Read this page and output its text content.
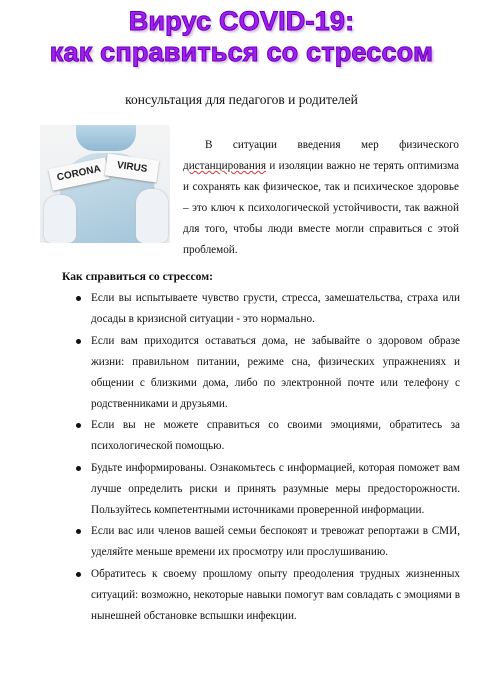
Вирус COVID-19:
как справиться со стрессом
консультация для педагогов и родителей
CORONA	VIRUS
В ситуации введения мер физического дистанцирования и изоляции важно не терять оптимизма и сохранять как физическое, так и психическое здоровье – это ключ к психологической устойчивости, так важной для того, чтобы люди вместе могли справиться с этой проблемой.
Как справиться со стрессом:
Если вы испытываете чувство грусти, стресса, замешательства, страха или досады в кризисной ситуации - это нормально.
Если вам приходится оставаться дома, не забывайте о здоровом образе жизни: правильном питании, режиме сна, физических упражнениях и общении с близкими дома, либо по электронной почте или телефону с родственниками и друзьями.
Если вы не можете справиться со своими эмоциями, обратитесь за психологической помощью.
Будьте информированы. Ознакомьтесь с информацией, которая поможет вам лучше определить риски и принять разумные меры предосторожности. Пользуйтесь компетентными источниками проверенной информации.
Если вас или членов вашей семьи беспокоят и тревожат репортажи в СМИ, уделяйте меньше времени их просмотру или прослушиванию.
Обратитесь к своему прошлому опыту преодоления трудных жизненных ситуаций: возможно, некоторые навыки помогут вам совладать с эмоциями в нынешней обстановке вспышки инфекции.
